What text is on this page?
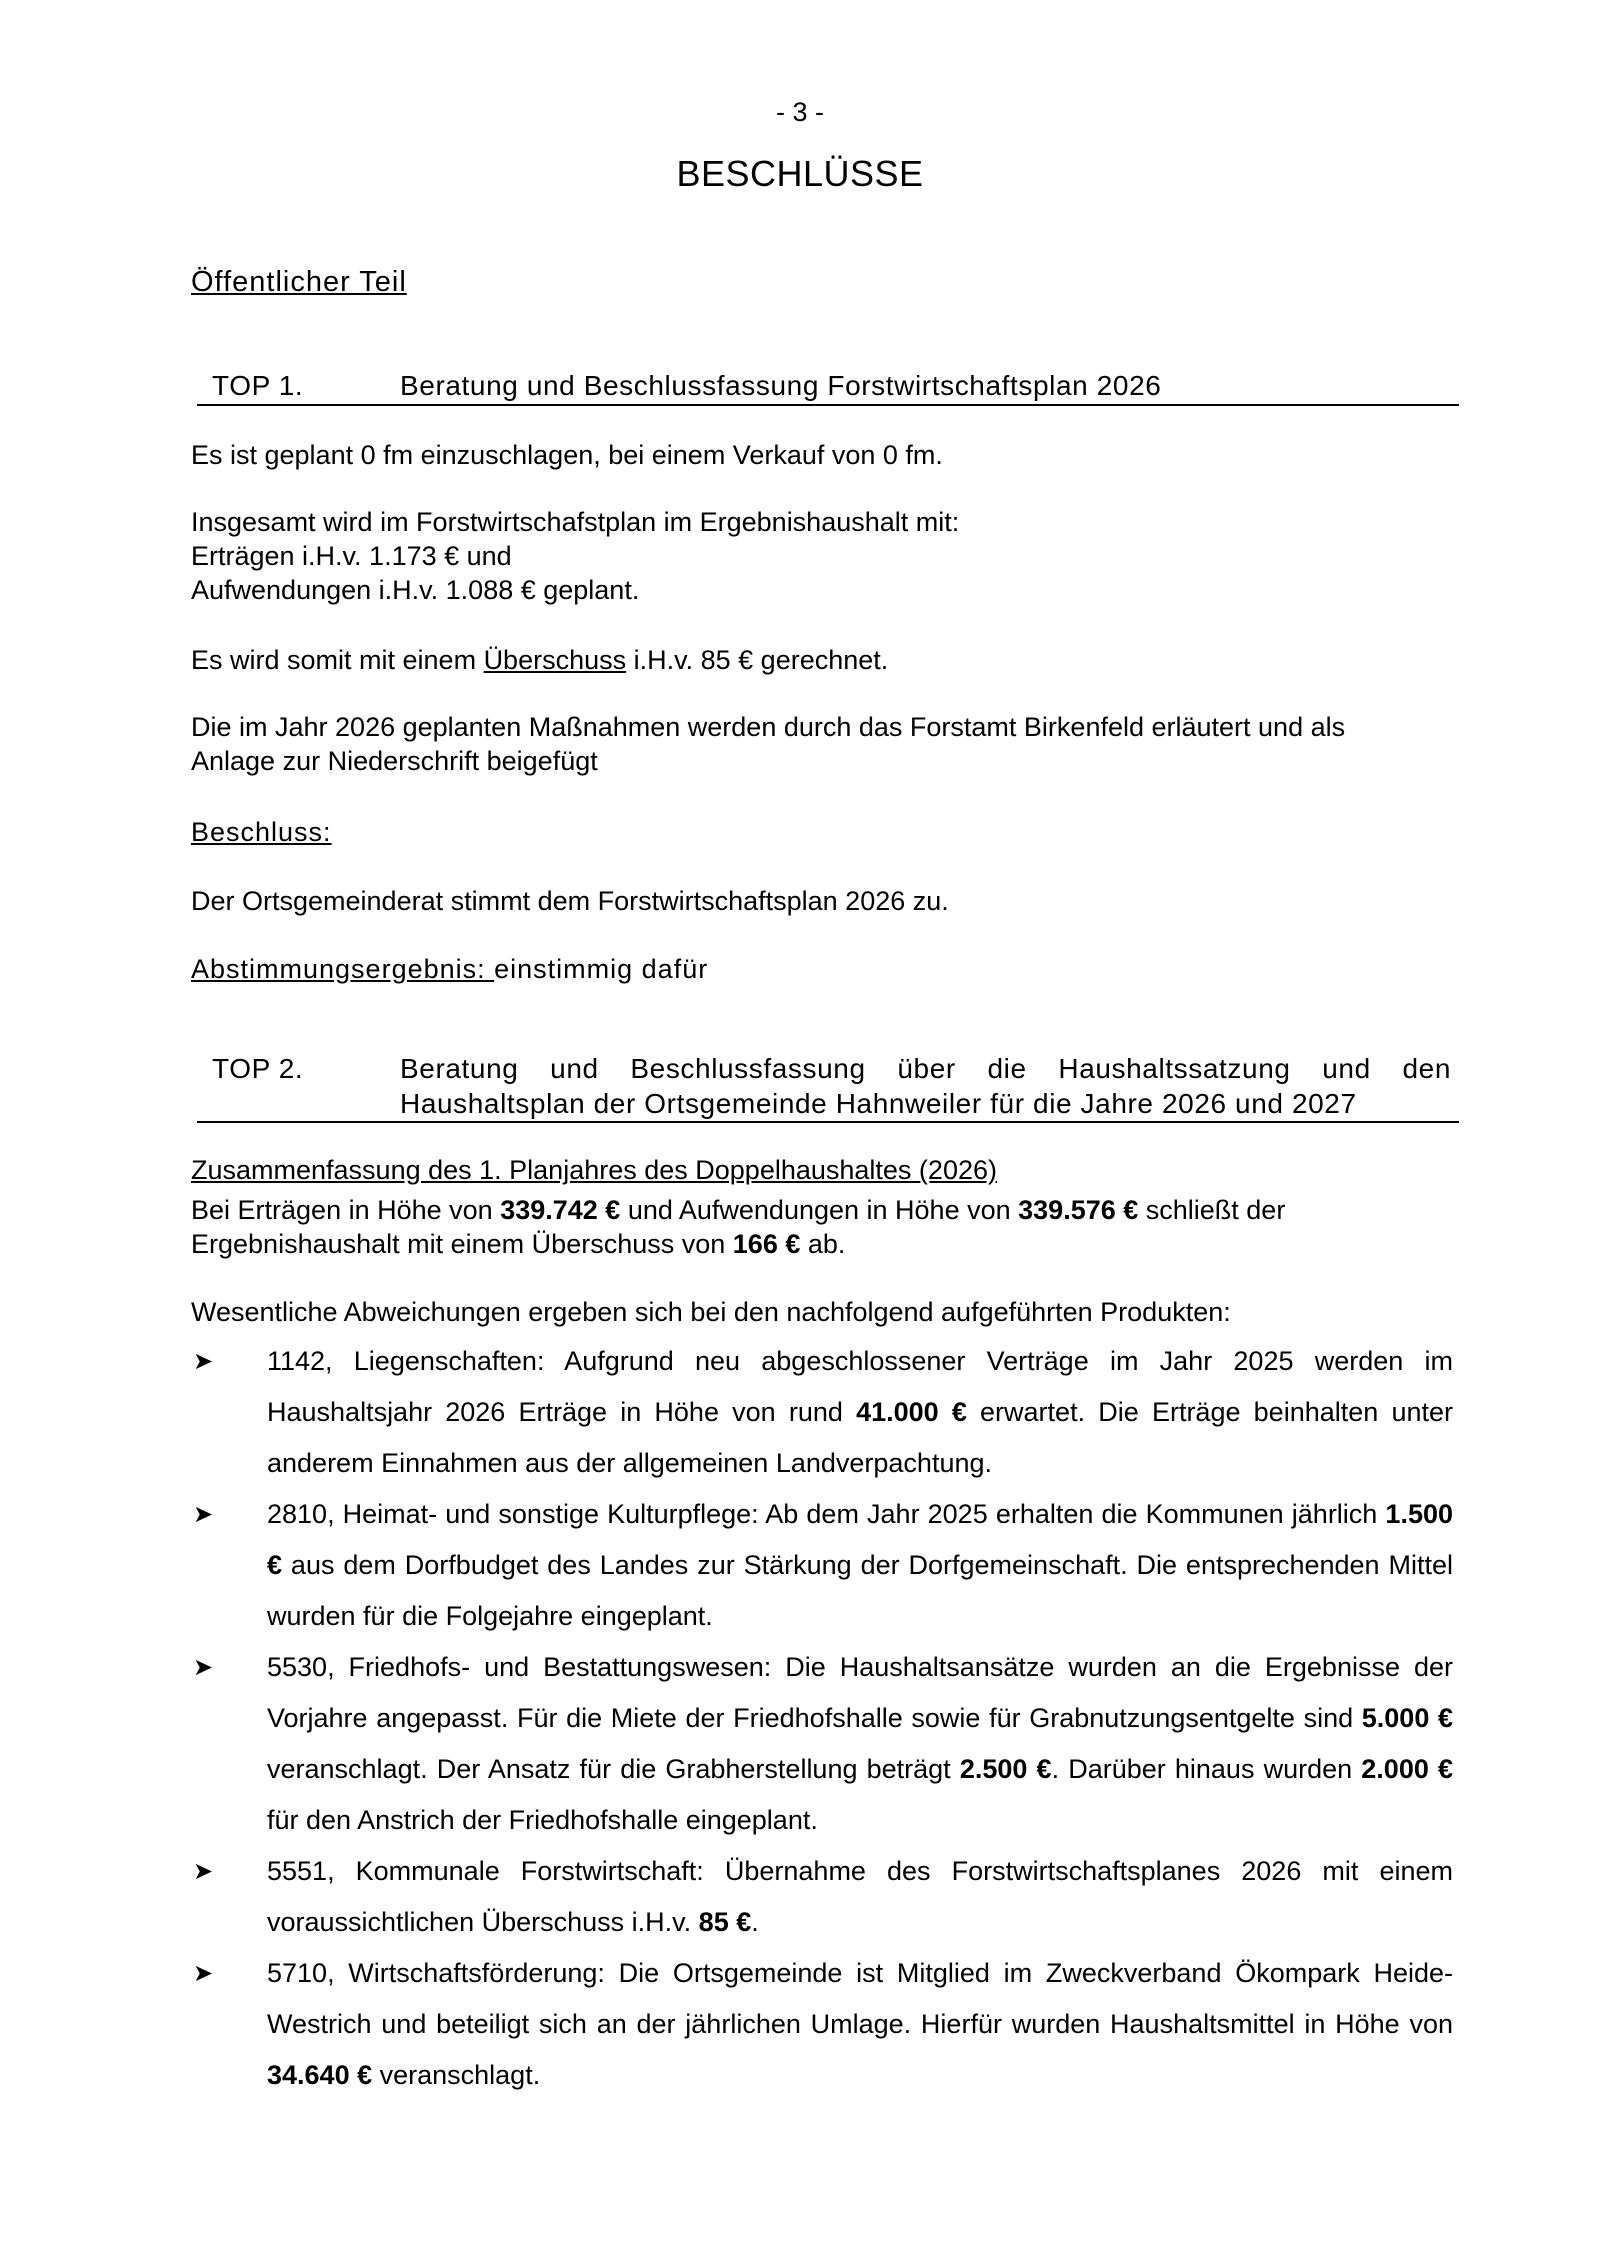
- 3 -
BESCHLÜSSE
Öffentlicher Teil
TOP 1.	Beratung und Beschlussfassung Forstwirtschaftsplan 2026
Es ist geplant 0 fm einzuschlagen, bei einem Verkauf von 0 fm.
Insgesamt wird im Forstwirtschafstplan im Ergebnishaushalt mit:
Erträgen i.H.v. 1.173 € und
Aufwendungen i.H.v. 1.088 € geplant.
Es wird somit mit einem Überschuss i.H.v. 85 € gerechnet.
Die im Jahr 2026 geplanten Maßnahmen werden durch das Forstamt Birkenfeld erläutert und als Anlage zur Niederschrift beigefügt
Beschluss:
Der Ortsgemeinderat stimmt dem Forstwirtschaftsplan 2026 zu.
Abstimmungsergebnis: einstimmig dafür
TOP 2.	Beratung und Beschlussfassung über die Haushaltssatzung und den
Haushaltsplan der Ortsgemeinde Hahnweiler für die Jahre 2026 und 2027
Zusammenfassung des 1. Planjahres des Doppelhaushaltes (2026)
Bei Erträgen in Höhe von 339.742 € und Aufwendungen in Höhe von 339.576 € schließt der Ergebnishaushalt mit einem Überschuss von 166 € ab.
Wesentliche Abweichungen ergeben sich bei den nachfolgend aufgeführten Produkten:
➤ 1142, Liegenschaften: Aufgrund neu abgeschlossener Verträge im Jahr 2025 werden im Haushaltsjahr 2026 Erträge in Höhe von rund 41.000 € erwartet. Die Erträge beinhalten unter anderem Einnahmen aus der allgemeinen Landverpachtung.
➤ 2810, Heimat- und sonstige Kulturpflege: Ab dem Jahr 2025 erhalten die Kommunen jährlich 1.500 € aus dem Dorfbudget des Landes zur Stärkung der Dorfgemeinschaft. Die entsprechenden Mittel wurden für die Folgejahre eingeplant.
➤ 5530, Friedhofs- und Bestattungswesen: Die Haushaltsansätze wurden an die Ergebnisse der Vorjahre angepasst. Für die Miete der Friedhofshalle sowie für Grabnutzungsentgelte sind 5.000 € veranschlagt. Der Ansatz für die Grabherstellung beträgt 2.500 €. Darüber hinaus wurden 2.000 € für den Anstrich der Friedhofshalle eingeplant.
➤ 5551, Kommunale Forstwirtschaft: Übernahme des Forstwirtschaftsplanes 2026 mit einem voraussichtlichen Überschuss i.H.v. 85 €.
➤ 5710, Wirtschaftsförderung: Die Ortsgemeinde ist Mitglied im Zweckverband Ökompark Heide-Westrich und beteiligt sich an der jährlichen Umlage. Hierfür wurden Haushaltsmittel in Höhe von 34.640 € veranschlagt.
